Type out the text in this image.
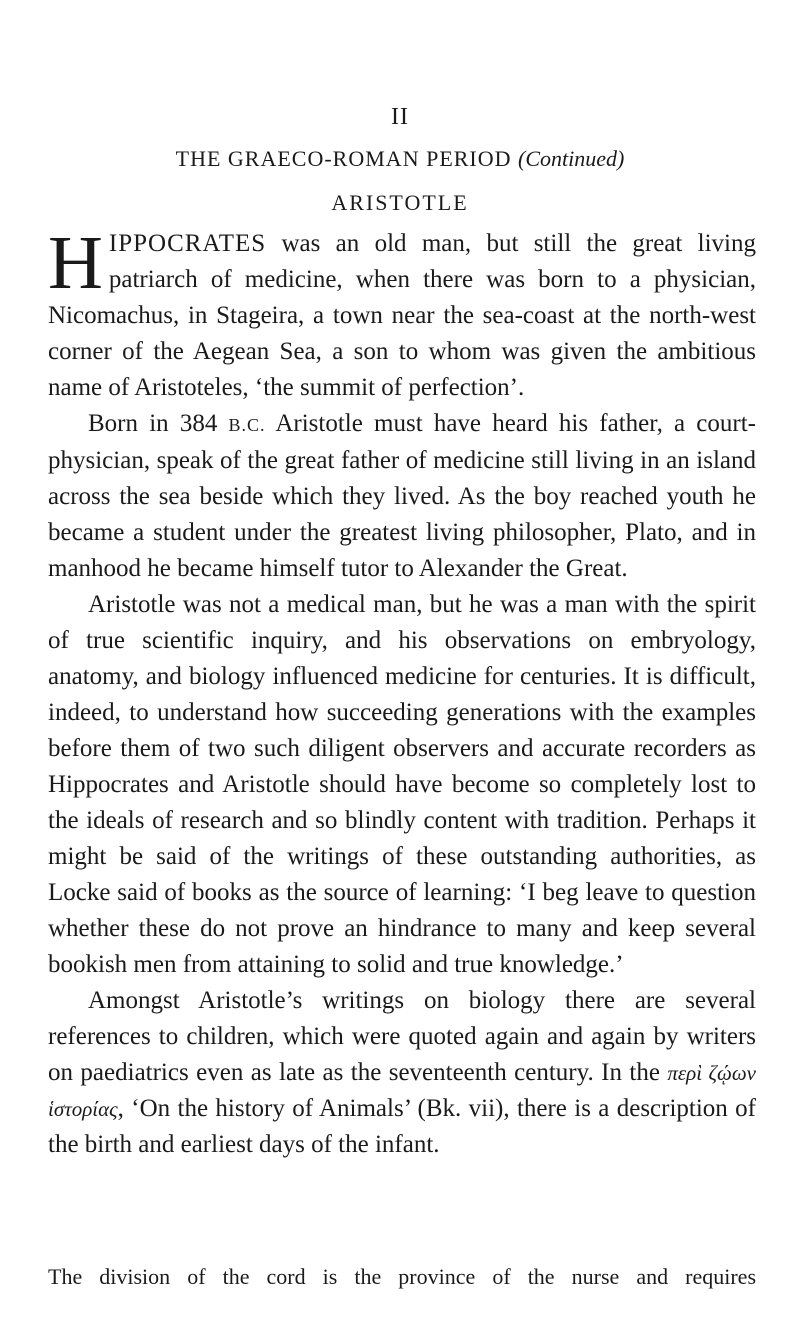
II
THE GRAECO-ROMAN PERIOD (Continued)
ARISTOTLE

HIPPOCRATES was an old man, but still the great living patriarch of medicine, when there was born to a physician, Nicomachus, in Stageira, a town near the sea-coast at the north-west corner of the Aegean Sea, a son to whom was given the ambitious name of Aristoteles, ‘the summit of perfection’.

Born in 384 B.C. Aristotle must have heard his father, a court-physician, speak of the great father of medicine still living in an island across the sea beside which they lived. As the boy reached youth he became a student under the greatest living philosopher, Plato, and in manhood he became himself tutor to Alexander the Great.

Aristotle was not a medical man, but he was a man with the spirit of true scientific inquiry, and his observations on embryology, anatomy, and biology influenced medicine for centuries. It is difficult, indeed, to understand how succeeding generations with the examples before them of two such diligent observers and accurate recorders as Hippocrates and Aristotle should have become so completely lost to the ideals of research and so blindly content with tradition. Perhaps it might be said of the writings of these outstanding authorities, as Locke said of books as the source of learning: ‘I beg leave to question whether these do not prove an hindrance to many and keep several bookish men from attaining to solid and true knowledge.’

Amongst Aristotle’s writings on biology there are several references to children, which were quoted again and again by writers on paediatrics even as late as the seventeenth century. In the περὶ ζῴων ἱστορίας, ‘On the history of Animals’ (Bk. vii), there is a description of the birth and earliest days of the infant.

The division of the cord is the province of the nurse and requires
